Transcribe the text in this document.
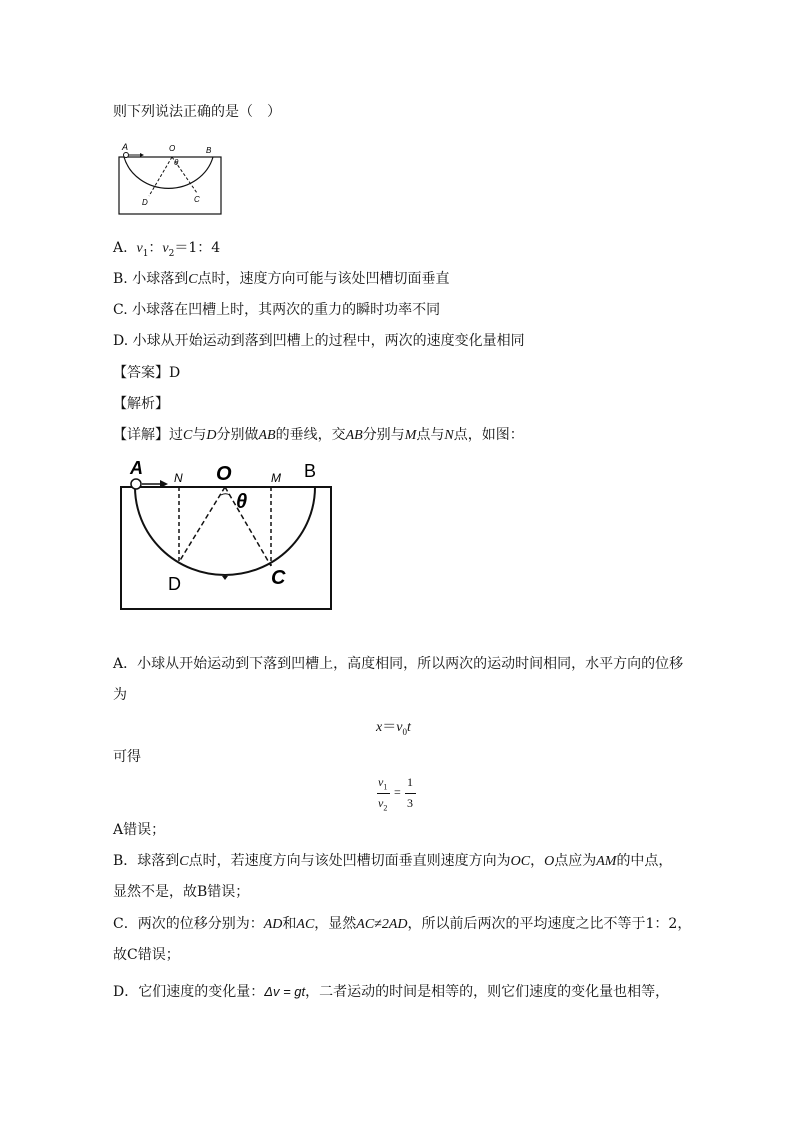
则下列说法正确的是（　）
A	O	B
θ
D	C
A. $v_1$：$v_2=1$：4
B. 小球落到C点时，速度方向可能与该处凹槽切面垂直
C. 小球落在凹槽上时，其两次的重力的瞬时功率不同
D. 小球从开始运动到落到凹槽上的过程中，两次的速度变化量相同
【答案】D
【解析】
【详解】过C与D分别做AB的垂线，交AB分别与M点与N点，如图：
A	N O	M B
θ
D	C
A．小球从开始运动到下落到凹槽上，高度相同，所以两次的运动时间相同，水平方向的位移
为
$x=v_0t$
可得
$v_1$
$v_2$
=
1
3
A错误；
B．球落到C点时，若速度方向与该处凹槽切面垂直则速度方向为OC，O点应为AM的中点，
显然不是，故B错误；
C．两次的位移分别为：AD和AC，显然AC≠2AD，所以前后两次的平均速度之比不等于1：2，
故C错误；
D．它们速度的变化量：Δv = gt，二者运动的时间是相等的，则它们速度的变化量也相等，
